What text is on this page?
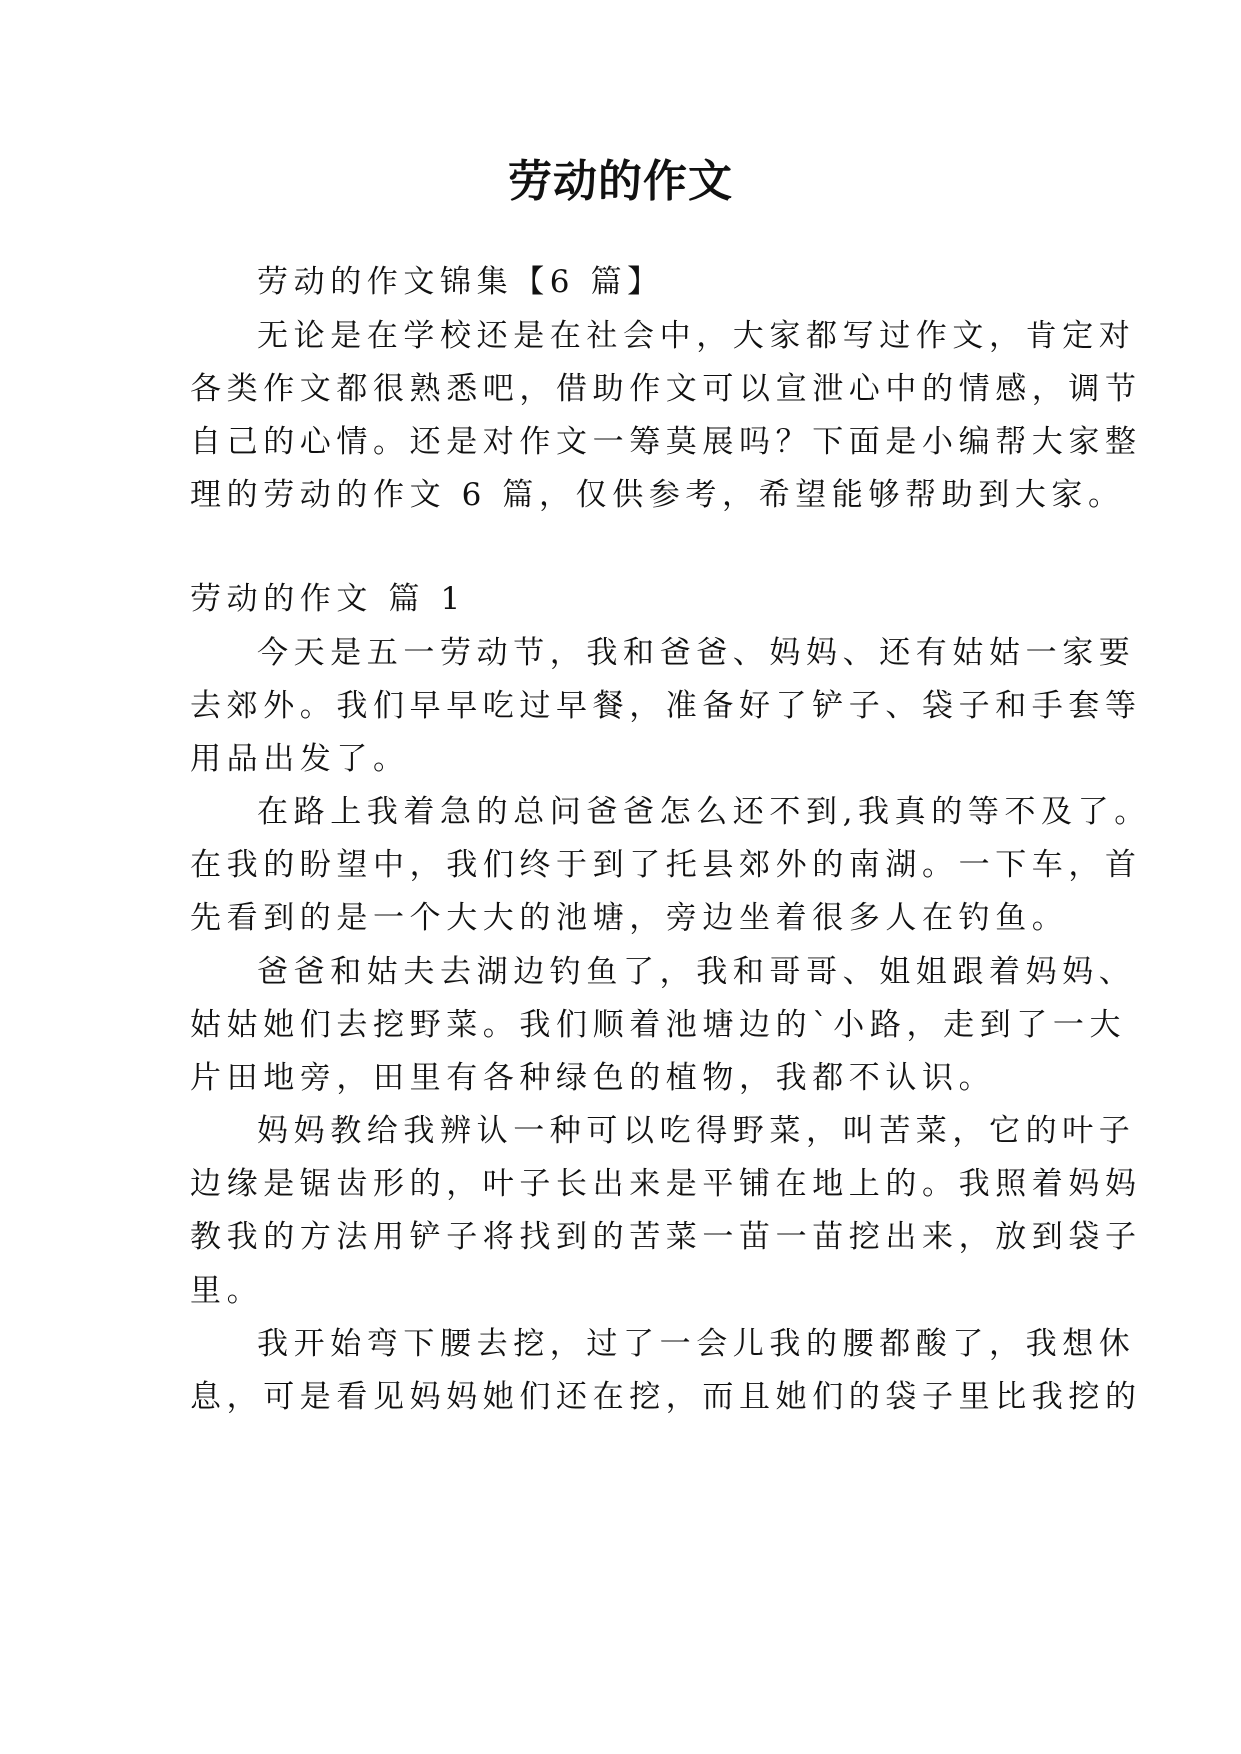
劳动的作文
劳动的作文锦集【6 篇】
无论是在学校还是在社会中，大家都写过作文，肯定对
各类作文都很熟悉吧，借助作文可以宣泄心中的情感，调节
自己的心情。还是对作文一筹莫展吗？下面是小编帮大家整
理的劳动的作文 6 篇，仅供参考，希望能够帮助到大家。
劳动的作文 篇 1
今天是五一劳动节，我和爸爸、妈妈、还有姑姑一家要
去郊外。我们早早吃过早餐，准备好了铲子、袋子和手套等
用品出发了。
在路上我着急的总问爸爸怎么还不到,我真的等不及了。
在我的盼望中，我们终于到了托县郊外的南湖。一下车，首
先看到的是一个大大的池塘，旁边坐着很多人在钓鱼。
爸爸和姑夫去湖边钓鱼了，我和哥哥、姐姐跟着妈妈、
姑姑她们去挖野菜。我们顺着池塘边的`小路，走到了一大
片田地旁，田里有各种绿色的植物，我都不认识。
妈妈教给我辨认一种可以吃得野菜，叫苦菜，它的叶子
边缘是锯齿形的，叶子长出来是平铺在地上的。我照着妈妈
教我的方法用铲子将找到的苦菜一苗一苗挖出来，放到袋子
里。
我开始弯下腰去挖，过了一会儿我的腰都酸了，我想休
息，可是看见妈妈她们还在挖，而且她们的袋子里比我挖的
